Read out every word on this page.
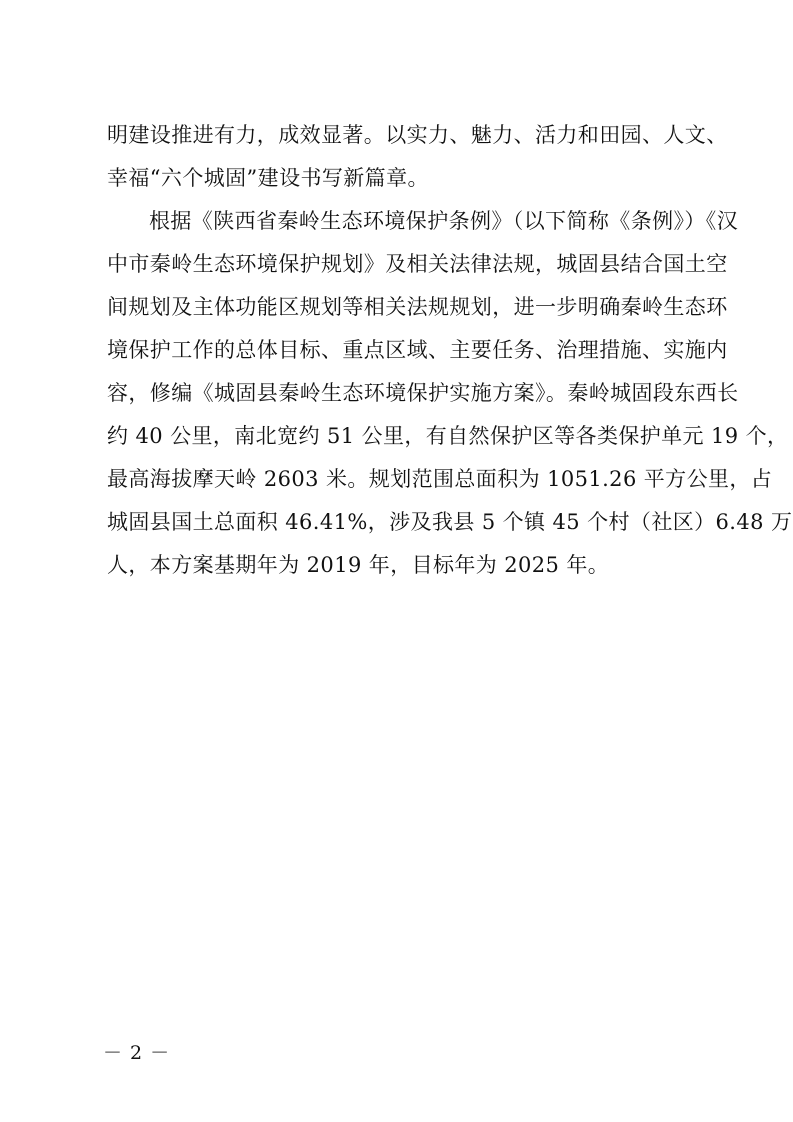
明建设推进有力，成效显著。以实力、魅力、活力和田园、人文、
幸福“六个城固”建设书写新篇章。
根据《陕西省秦岭生态环境保护条例》（以下简称《条例》）《汉
中市秦岭生态环境保护规划》及相关法律法规，城固县结合国土空
间规划及主体功能区规划等相关法规规划，进一步明确秦岭生态环
境保护工作的总体目标、重点区域、主要任务、治理措施、实施内
容，修编《城固县秦岭生态环境保护实施方案》。秦岭城固段东西长
约 40 公里，南北宽约 51 公里，有自然保护区等各类保护单元 19 个，
最高海拔摩天岭 2603 米。规划范围总面积为 1051.26 平方公里，占
城固县国土总面积 46.41%，涉及我县 5 个镇 45 个村（社区）6.48 万
人，本方案基期年为 2019 年，目标年为 2025 年。
－ 2 －
